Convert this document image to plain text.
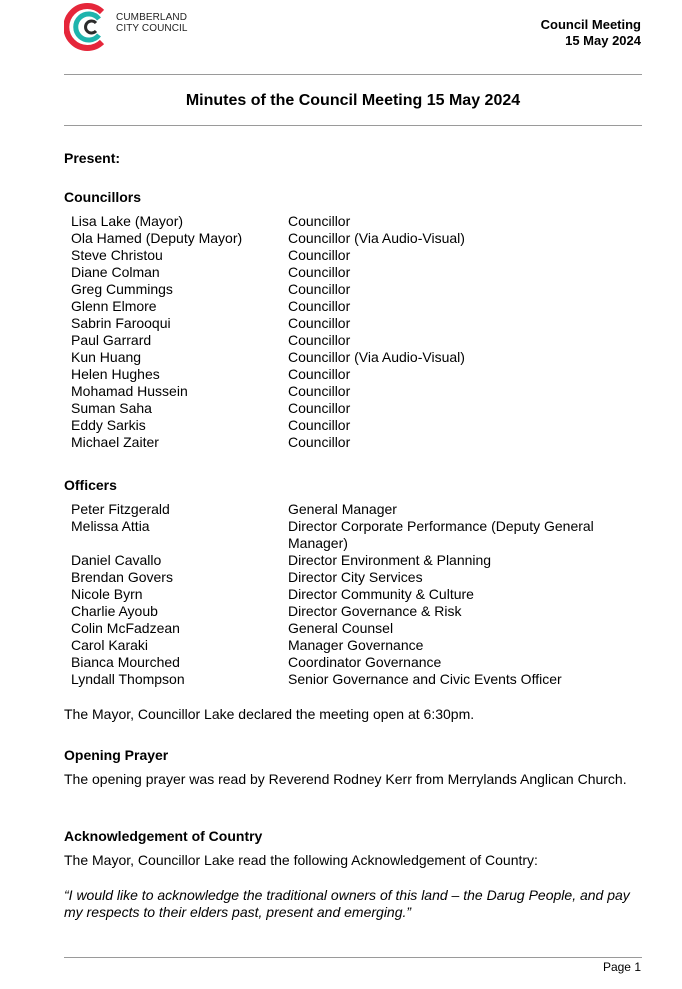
CUMBERLAND
CITY COUNCIL	Council Meeting
15 May 2024
Minutes of the Council Meeting 15 May 2024
Present:
Councillors
Lisa Lake (Mayor)	Councillor
Ola Hamed (Deputy Mayor)	Councillor (Via Audio-Visual)
Steve Christou	Councillor
Diane Colman	Councillor
Greg Cummings	Councillor
Glenn Elmore	Councillor
Sabrin Farooqui	Councillor
Paul Garrard	Councillor
Kun Huang	Councillor (Via Audio-Visual)
Helen Hughes	Councillor
Mohamad Hussein	Councillor
Suman Saha	Councillor
Eddy Sarkis	Councillor
Michael Zaiter	Councillor
Officers
Peter Fitzgerald	General Manager
Melissa Attia	Director Corporate Performance (Deputy General Manager)
Daniel Cavallo	Director Environment & Planning
Brendan Govers	Director City Services
Nicole Byrn	Director Community & Culture
Charlie Ayoub	Director Governance & Risk
Colin McFadzean	General Counsel
Carol Karaki	Manager Governance
Bianca Mourched	Coordinator Governance
Lyndall Thompson	Senior Governance and Civic Events Officer
The Mayor, Councillor Lake declared the meeting open at 6:30pm.
Opening Prayer
The opening prayer was read by Reverend Rodney Kerr from Merrylands Anglican Church.
Acknowledgement of Country
The Mayor, Councillor Lake read the following Acknowledgement of Country:
“I would like to acknowledge the traditional owners of this land – the Darug People, and pay my respects to their elders past, present and emerging.”
Page 1
